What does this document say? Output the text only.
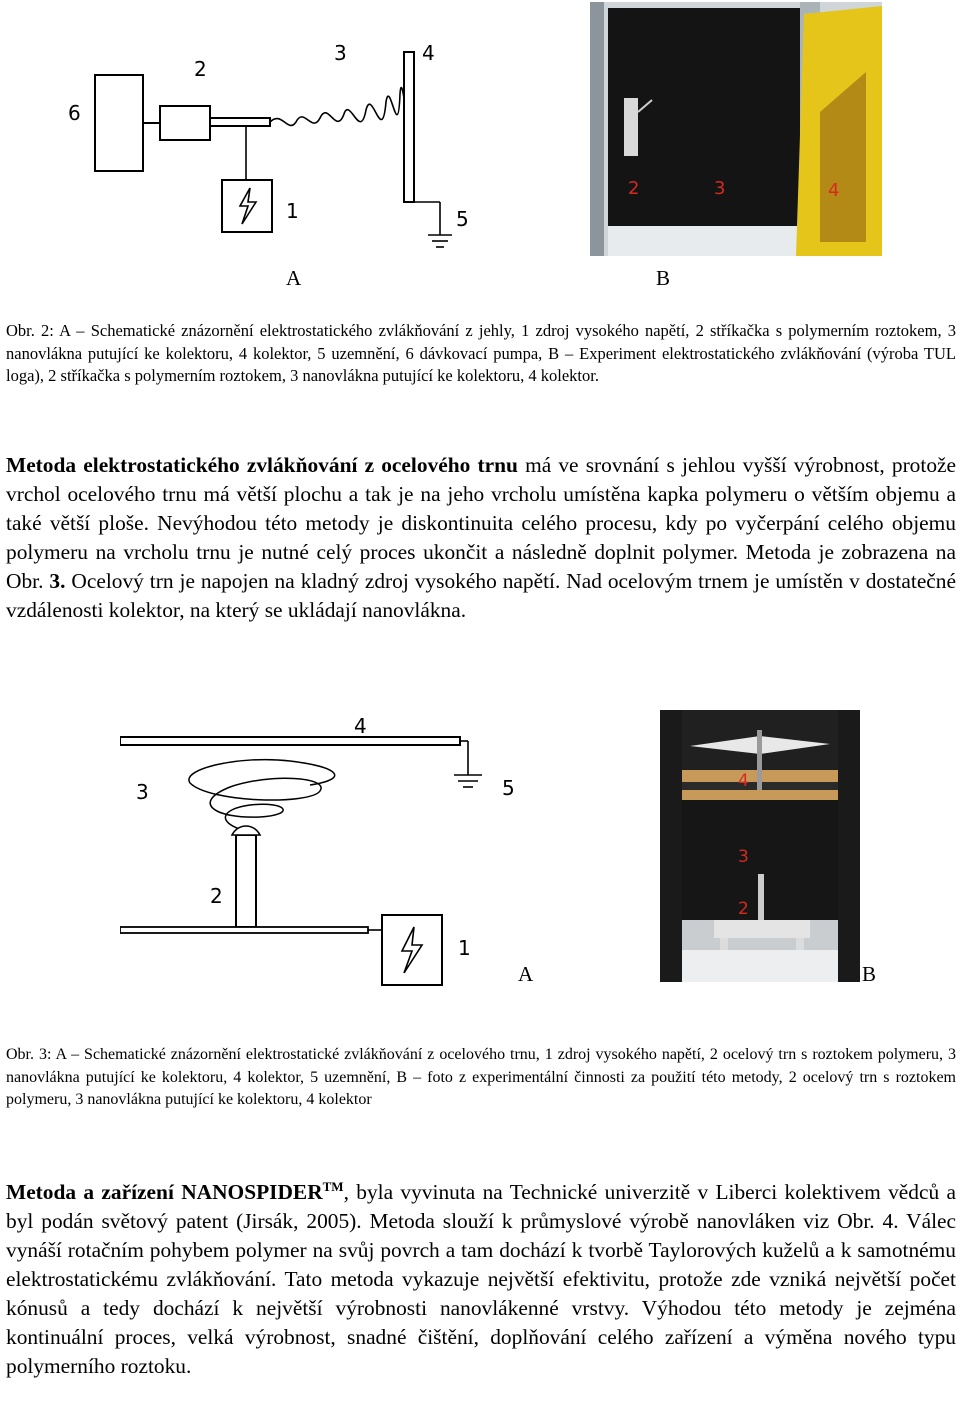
6
2
3	4
1	5
2	3	4
A	B
Obr. 2: A – Schematické znázornění elektrostatického zvlákňování z jehly, 1 zdroj vysokého napětí, 2 stříkačka s polymerním roztokem, 3 nanovlákna putující ke kolektoru, 4 kolektor, 5 uzemnění, 6 dávkovací pumpa, B – Experiment elektrostatického zvlákňování (výroba TUL loga), 2 stříkačka s polymerním roztokem, 3 nanovlákna putující ke kolektoru, 4 kolektor.
Metoda elektrostatického zvlákňování z ocelového trnu má ve srovnání s jehlou vyšší výrobnost, protože vrchol ocelového trnu má větší plochu a tak je na jeho vrcholu umístěna kapka polymeru o větším objemu a také větší ploše. Nevýhodou této metody je diskontinuita celého procesu, kdy po vyčerpání celého objemu polymeru na vrcholu trnu je nutné celý proces ukončit a následně doplnit polymer. Metoda je zobrazena na Obr. 3. Ocelový trn je napojen na kladný zdroj vysokého napětí. Nad ocelovým trnem je umístěn v dostatečné vzdálenosti kolektor, na který se ukládají nanovlákna.
4
3	5
2
1
4
3
2
A	B
Obr. 3: A – Schematické znázornění elektrostatické zvlákňování z ocelového trnu, 1 zdroj vysokého napětí, 2 ocelový trn s roztokem polymeru, 3 nanovlákna putující ke kolektoru, 4 kolektor, 5 uzemnění, B – foto z experimentální činnosti za použití této metody, 2 ocelový trn s roztokem polymeru, 3 nanovlákna putující ke kolektoru, 4 kolektor
Metoda a zařízení NANOSPIDER™, byla vyvinuta na Technické univerzitě v Liberci kolektivem vědců a byl podán světový patent (Jirsák, 2005). Metoda slouží k průmyslové výrobě nanovláken viz Obr. 4. Válec vynáší rotačním pohybem polymer na svůj povrch a tam dochází k tvorbě Taylorových kuželů a k samotnému elektrostatickému zvlákňování. Tato metoda vykazuje největší efektivitu, protože zde vzniká největší počet kónusů a tedy dochází k největší výrobnosti nanovlákenné vrstvy. Výhodou této metody je zejména kontinuální proces, velká výrobnost, snadné čištění, doplňování celého zařízení a výměna nového typu polymerního roztoku.
